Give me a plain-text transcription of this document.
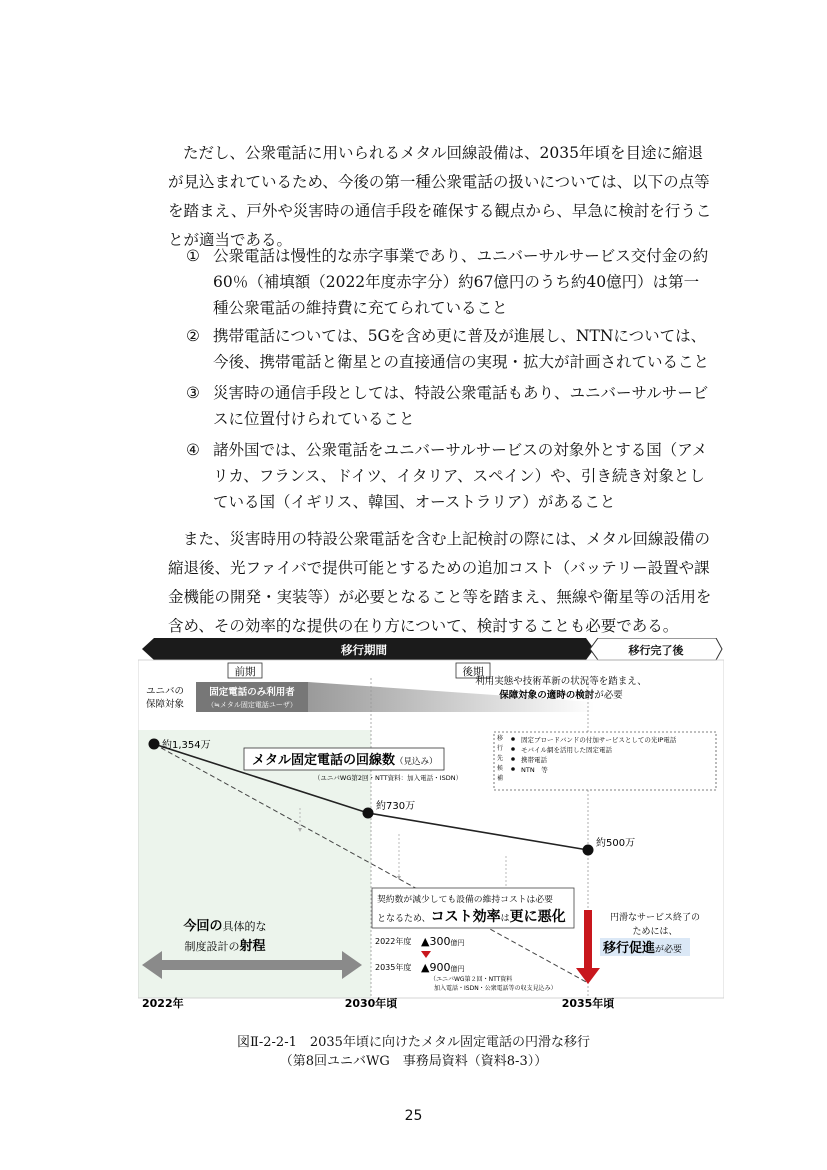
ただし、公衆電話に用いられるメタル回線設備は、2035年頃を目途に縮退が見込まれているため、今後の第一種公衆電話の扱いについては、以下の点等を踏まえ、戸外や災害時の通信手段を確保する観点から、早急に検討を行うことが適当である。

① 公衆電話は慢性的な赤字事業であり、ユニバーサルサービス交付金の約60％（補填額（2022年度赤字分）約67億円のうち約40億円）は第一種公衆電話の維持費に充てられていること
② 携帯電話については、5Gを含め更に普及が進展し、NTNについては、今後、携帯電話と衛星との直接通信の実現・拡大が計画されていること
③ 災害時の通信手段としては、特設公衆電話もあり、ユニバーサルサービスに位置付けられていること
④ 諸外国では、公衆電話をユニバーサルサービスの対象外とする国（アメリカ、フランス、ドイツ、イタリア、スペイン）や、引き続き対象としている国（イギリス、韓国、オーストラリア）があること

また、災害時用の特設公衆電話を含む上記検討の際には、メタル回線設備の縮退後、光ファイバで提供可能とするための追加コスト（バッテリー設置や課金機能の開発・実装等）が必要となること等を踏まえ、無線や衛星等の活用を含め、その効率的な提供の在り方について、検討することも必要である。

移行期間	移行完了後
前期	後期
ユニバの
保障対象
固定電話のみ利用者
（≒メタル固定電話ユーザ）
利用実態や技術革新の状況等を踏まえ、
保障対象の適時の検討が必要
移
行
先
候
補
固定ブロードバンドの付加サービスとしての光IP電話
モバイル網を活用した固定電話
携帯電話
NTN　等
メタル固定電話の回線数（見込み）
（ユニバWG第2回・NTT資料：加入電話・ISDN）
約1,354万
約730万
約500万
今回の具体的な
制度設計の射程
契約数が減少しても設備の維持コストは必要
となるため、コスト効率は更に悪化
2022年度 ▲300億円
2035年度 ▲900億円
（ユニバWG第２回・NTT資料
加入電話・ISDN・公衆電話等の収支見込み）
円滑なサービス終了の
ためには、
移行促進が必要
2022年	2030年頃	2035年頃
図Ⅱ-2-2-1　2035年頃に向けたメタル固定電話の円滑な移行
（第8回ユニバWG　事務局資料（資料8-3））
25
